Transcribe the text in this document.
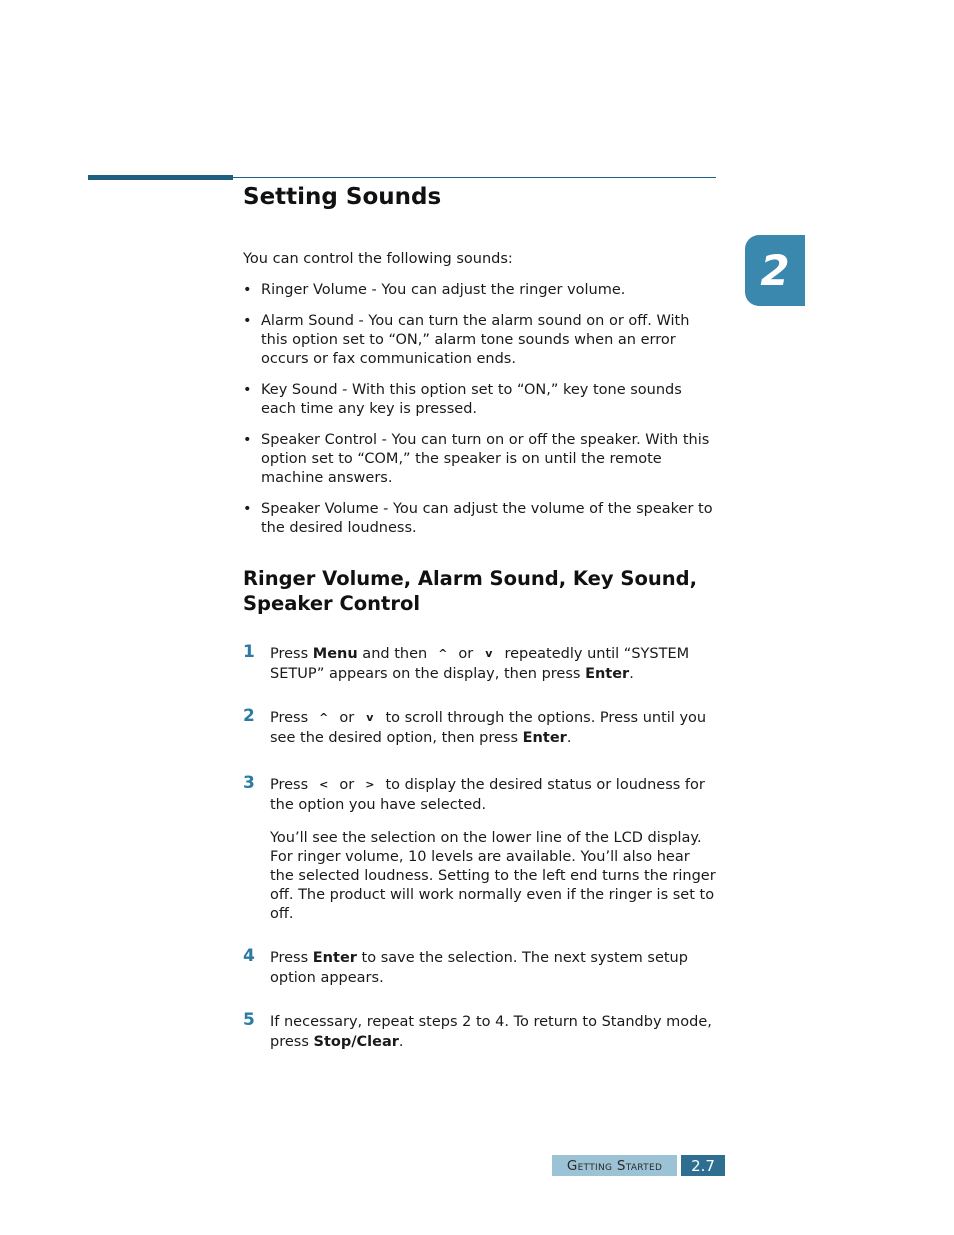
Setting Sounds
2
You can control the following sounds:
• Ringer Volume - You can adjust the ringer volume.
• Alarm Sound - You can turn the alarm sound on or off. With this option set to “ON,” alarm tone sounds when an error occurs or fax communication ends.
• Key Sound - With this option set to “ON,” key tone sounds each time any key is pressed.
• Speaker Control - You can turn on or off the speaker. With this option set to “COM,” the speaker is on until the remote machine answers.
• Speaker Volume - You can adjust the volume of the speaker to the desired loudness.
Ringer Volume, Alarm Sound, Key Sound, Speaker Control
1 Press Menu and then ^ or v repeatedly until “SYSTEM SETUP” appears on the display, then press Enter.
2 Press ^ or v to scroll through the options. Press until you see the desired option, then press Enter.
3 Press < or > to display the desired status or loudness for the option you have selected.
You’ll see the selection on the lower line of the LCD display. For ringer volume, 10 levels are available. You’ll also hear the selected loudness. Setting to the left end turns the ringer off. The product will work normally even if the ringer is set to off.
4 Press Enter to save the selection. The next system setup option appears.
5 If necessary, repeat steps 2 to 4. To return to Standby mode, press Stop/Clear.
Getting Started 2.7
